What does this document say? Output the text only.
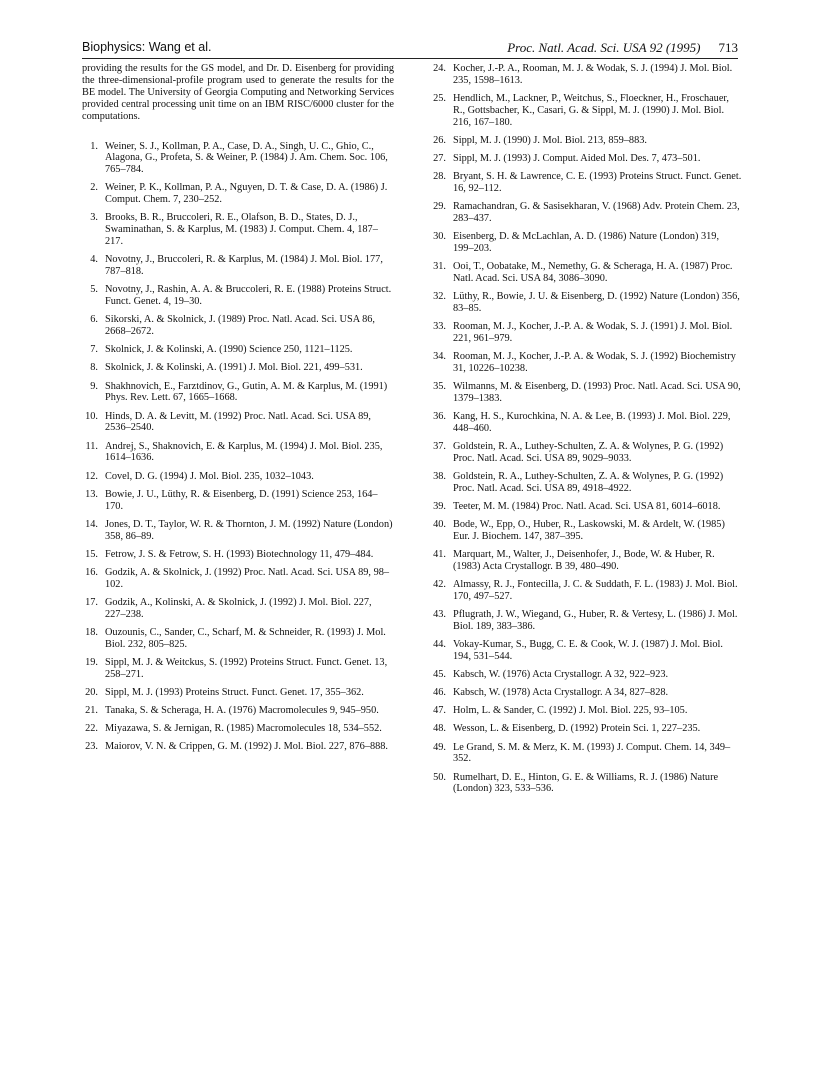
Biophysics: Wang et al.	Proc. Natl. Acad. Sci. USA 92 (1995) 713

providing the results for the GS model, and Dr. D. Eisenberg for providing the three-dimensional-profile program used to generate the results for the BE model. The University of Georgia Computing and Networking Services provided central processing unit time on an IBM RISC/6000 cluster for the computations.

1. Weiner, S. J., Kollman, P. A., Case, D. A., Singh, U. C., Ghio, C., Alagona, G., Profeta, S. & Weiner, P. (1984) J. Am. Chem. Soc. 106, 765–784.
2. Weiner, P. K., Kollman, P. A., Nguyen, D. T. & Case, D. A. (1986) J. Comput. Chem. 7, 230–252.
3. Brooks, B. R., Bruccoleri, R. E., Olafson, B. D., States, D. J., Swaminathan, S. & Karplus, M. (1983) J. Comput. Chem. 4, 187–217.
4. Novotny, J., Bruccoleri, R. & Karplus, M. (1984) J. Mol. Biol. 177, 787–818.
5. Novotny, J., Rashin, A. A. & Bruccoleri, R. E. (1988) Proteins Struct. Funct. Genet. 4, 19–30.
6. Sikorski, A. & Skolnick, J. (1989) Proc. Natl. Acad. Sci. USA 86, 2668–2672.
7. Skolnick, J. & Kolinski, A. (1990) Science 250, 1121–1125.
8. Skolnick, J. & Kolinski, A. (1991) J. Mol. Biol. 221, 499–531.
9. Shakhnovich, E., Farztdinov, G., Gutin, A. M. & Karplus, M. (1991) Phys. Rev. Lett. 67, 1665–1668.
10. Hinds, D. A. & Levitt, M. (1992) Proc. Natl. Acad. Sci. USA 89, 2536–2540.
11. Andrej, S., Shaknovich, E. & Karplus, M. (1994) J. Mol. Biol. 235, 1614–1636.
12. Covel, D. G. (1994) J. Mol. Biol. 235, 1032–1043.
13. Bowie, J. U., Lüthy, R. & Eisenberg, D. (1991) Science 253, 164–170.
14. Jones, D. T., Taylor, W. R. & Thornton, J. M. (1992) Nature (London) 358, 86–89.
15. Fetrow, J. S. & Fetrow, S. H. (1993) Biotechnology 11, 479–484.
16. Godzik, A. & Skolnick, J. (1992) Proc. Natl. Acad. Sci. USA 89, 98–102.
17. Godzik, A., Kolinski, A. & Skolnick, J. (1992) J. Mol. Biol. 227, 227–238.
18. Ouzounis, C., Sander, C., Scharf, M. & Schneider, R. (1993) J. Mol. Biol. 232, 805–825.
19. Sippl, M. J. & Weitckus, S. (1992) Proteins Struct. Funct. Genet. 13, 258–271.
20. Sippl, M. J. (1993) Proteins Struct. Funct. Genet. 17, 355–362.
21. Tanaka, S. & Scheraga, H. A. (1976) Macromolecules 9, 945–950.
22. Miyazawa, S. & Jernigan, R. (1985) Macromolecules 18, 534–552.
23. Maiorov, V. N. & Crippen, G. M. (1992) J. Mol. Biol. 227, 876–888.
24. Kocher, J.-P. A., Rooman, M. J. & Wodak, S. J. (1994) J. Mol. Biol. 235, 1598–1613.
25. Hendlich, M., Lackner, P., Weitchus, S., Floeckner, H., Froschauer, R., Gottsbacher, K., Casari, G. & Sippl, M. J. (1990) J. Mol. Biol. 216, 167–180.
26. Sippl, M. J. (1990) J. Mol. Biol. 213, 859–883.
27. Sippl, M. J. (1993) J. Comput. Aided Mol. Des. 7, 473–501.
28. Bryant, S. H. & Lawrence, C. E. (1993) Proteins Struct. Funct. Genet. 16, 92–112.
29. Ramachandran, G. & Sasisekharan, V. (1968) Adv. Protein Chem. 23, 283–437.
30. Eisenberg, D. & McLachlan, A. D. (1986) Nature (London) 319, 199–203.
31. Ooi, T., Oobatake, M., Nemethy, G. & Scheraga, H. A. (1987) Proc. Natl. Acad. Sci. USA 84, 3086–3090.
32. Lüthy, R., Bowie, J. U. & Eisenberg, D. (1992) Nature (London) 356, 83–85.
33. Rooman, M. J., Kocher, J.-P. A. & Wodak, S. J. (1991) J. Mol. Biol. 221, 961–979.
34. Rooman, M. J., Kocher, J.-P. A. & Wodak, S. J. (1992) Biochemistry 31, 10226–10238.
35. Wilmanns, M. & Eisenberg, D. (1993) Proc. Natl. Acad. Sci. USA 90, 1379–1383.
36. Kang, H. S., Kurochkina, N. A. & Lee, B. (1993) J. Mol. Biol. 229, 448–460.
37. Goldstein, R. A., Luthey-Schulten, Z. A. & Wolynes, P. G. (1992) Proc. Natl. Acad. Sci. USA 89, 9029–9033.
38. Goldstein, R. A., Luthey-Schulten, Z. A. & Wolynes, P. G. (1992) Proc. Natl. Acad. Sci. USA 89, 4918–4922.
39. Teeter, M. M. (1984) Proc. Natl. Acad. Sci. USA 81, 6014–6018.
40. Bode, W., Epp, O., Huber, R., Laskowski, M. & Ardelt, W. (1985) Eur. J. Biochem. 147, 387–395.
41. Marquart, M., Walter, J., Deisenhofer, J., Bode, W. & Huber, R. (1983) Acta Crystallogr. B 39, 480–490.
42. Almassy, R. J., Fontecilla, J. C. & Suddath, F. L. (1983) J. Mol. Biol. 170, 497–527.
43. Pflugrath, J. W., Wiegand, G., Huber, R. & Vertesy, L. (1986) J. Mol. Biol. 189, 383–386.
44. Vokay-Kumar, S., Bugg, C. E. & Cook, W. J. (1987) J. Mol. Biol. 194, 531–544.
45. Kabsch, W. (1976) Acta Crystallogr. A 32, 922–923.
46. Kabsch, W. (1978) Acta Crystallogr. A 34, 827–828.
47. Holm, L. & Sander, C. (1992) J. Mol. Biol. 225, 93–105.
48. Wesson, L. & Eisenberg, D. (1992) Protein Sci. 1, 227–235.
49. Le Grand, S. M. & Merz, K. M. (1993) J. Comput. Chem. 14, 349–352.
50. Rumelhart, D. E., Hinton, G. E. & Williams, R. J. (1986) Nature (London) 323, 533–536.
